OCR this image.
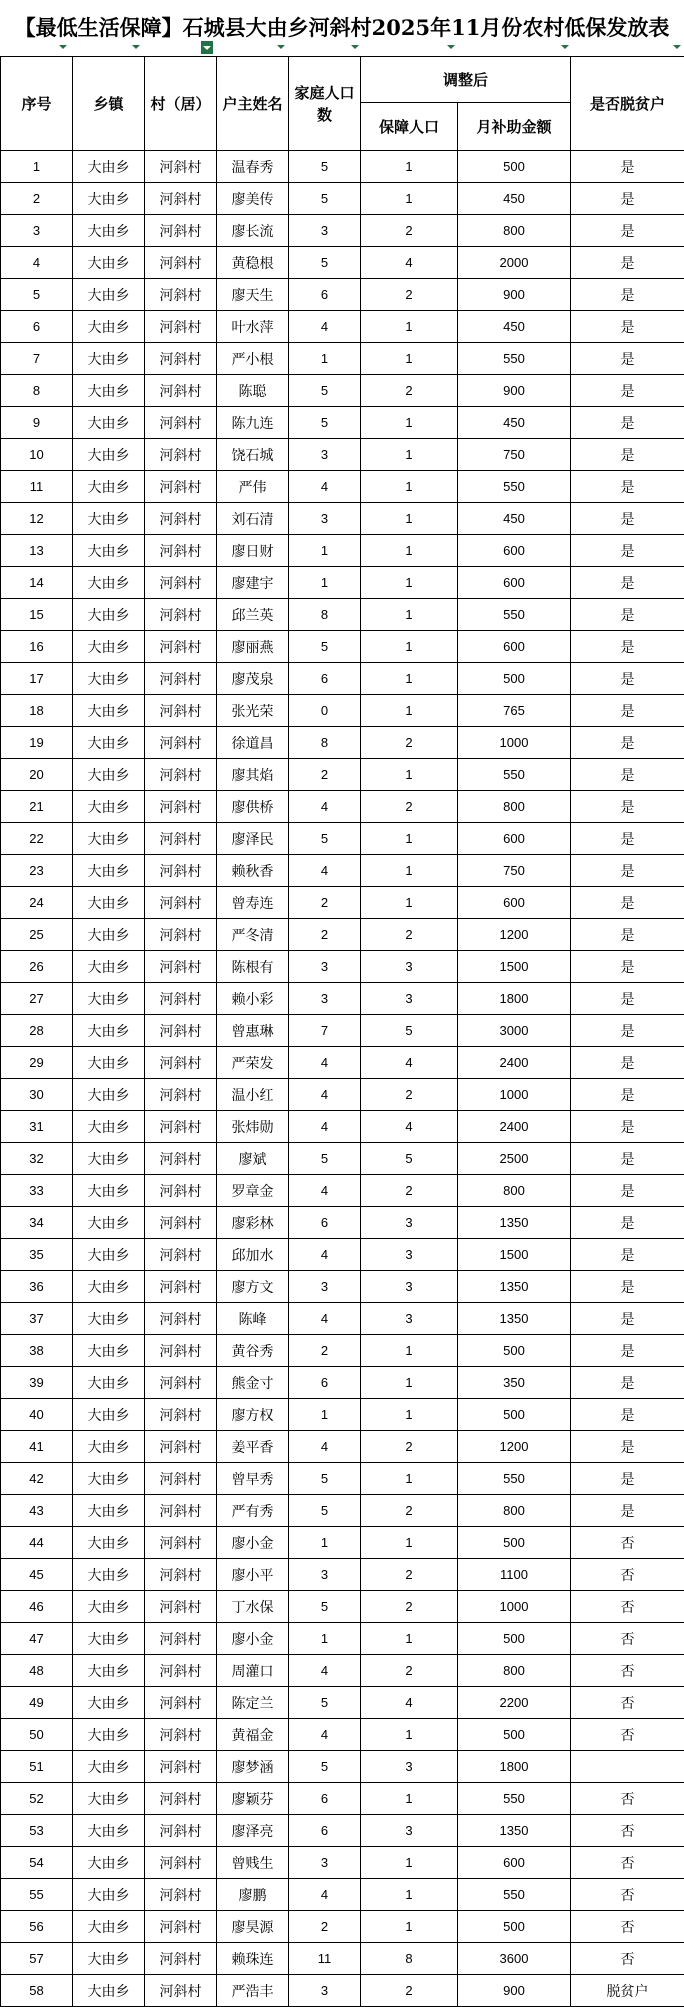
【最低生活保障】石城县大由乡河斜村2025年11月份农村低保发放表
序号	乡镇	村（居）	户主姓名	家庭人口数	调整后		是否脱贫户
					保障人口	月补助金额	
1	大由乡	河斜村	温春秀	5	1	500	是
2	大由乡	河斜村	廖美传	5	1	450	是
3	大由乡	河斜村	廖长流	3	2	800	是
4	大由乡	河斜村	黄稳根	5	4	2000	是
5	大由乡	河斜村	廖天生	6	2	900	是
6	大由乡	河斜村	叶水萍	4	1	450	是
7	大由乡	河斜村	严小根	1	1	550	是
8	大由乡	河斜村	陈聪	5	2	900	是
9	大由乡	河斜村	陈九连	5	1	450	是
10	大由乡	河斜村	饶石城	3	1	750	是
11	大由乡	河斜村	严伟	4	1	550	是
12	大由乡	河斜村	刘石清	3	1	450	是
13	大由乡	河斜村	廖日财	1	1	600	是
14	大由乡	河斜村	廖建宇	1	1	600	是
15	大由乡	河斜村	邱兰英	8	1	550	是
16	大由乡	河斜村	廖丽燕	5	1	600	是
17	大由乡	河斜村	廖茂泉	6	1	500	是
18	大由乡	河斜村	张光荣	0	1	765	是
19	大由乡	河斜村	徐道昌	8	2	1000	是
20	大由乡	河斜村	廖其焰	2	1	550	是
21	大由乡	河斜村	廖供桥	4	2	800	是
22	大由乡	河斜村	廖泽民	5	1	600	是
23	大由乡	河斜村	赖秋香	4	1	750	是
24	大由乡	河斜村	曾寿连	2	1	600	是
25	大由乡	河斜村	严冬清	2	2	1200	是
26	大由乡	河斜村	陈根有	3	3	1500	是
27	大由乡	河斜村	赖小彩	3	3	1800	是
28	大由乡	河斜村	曾惠琳	7	5	3000	是
29	大由乡	河斜村	严荣发	4	4	2400	是
30	大由乡	河斜村	温小红	4	2	1000	是
31	大由乡	河斜村	张炜勋	4	4	2400	是
32	大由乡	河斜村	廖斌	5	5	2500	是
33	大由乡	河斜村	罗章金	4	2	800	是
34	大由乡	河斜村	廖彩林	6	3	1350	是
35	大由乡	河斜村	邱加水	4	3	1500	是
36	大由乡	河斜村	廖方文	3	3	1350	是
37	大由乡	河斜村	陈峰	4	3	1350	是
38	大由乡	河斜村	黄谷秀	2	1	500	是
39	大由乡	河斜村	熊金寸	6	1	350	是
40	大由乡	河斜村	廖方权	1	1	500	是
41	大由乡	河斜村	姜平香	4	2	1200	是
42	大由乡	河斜村	曾早秀	5	1	550	是
43	大由乡	河斜村	严有秀	5	2	800	是
44	大由乡	河斜村	廖小金	1	1	500	否
45	大由乡	河斜村	廖小平	3	2	1100	否
46	大由乡	河斜村	丁水保	5	2	1000	否
47	大由乡	河斜村	廖小金	1	1	500	否
48	大由乡	河斜村	周灌口	4	2	800	否
49	大由乡	河斜村	陈定兰	5	4	2200	否
50	大由乡	河斜村	黄福金	4	1	500	否
51	大由乡	河斜村	廖梦涵	5	3	1800	
52	大由乡	河斜村	廖颖芬	6	1	550	否
53	大由乡	河斜村	廖泽亮	6	3	1350	否
54	大由乡	河斜村	曾贱生	3	1	600	否
55	大由乡	河斜村	廖鹏	4	1	550	否
56	大由乡	河斜村	廖昊源	2	1	500	否
57	大由乡	河斜村	赖珠连	11	8	3600	否
58	大由乡	河斜村	严浩丰	3	2	900	脱贫户
